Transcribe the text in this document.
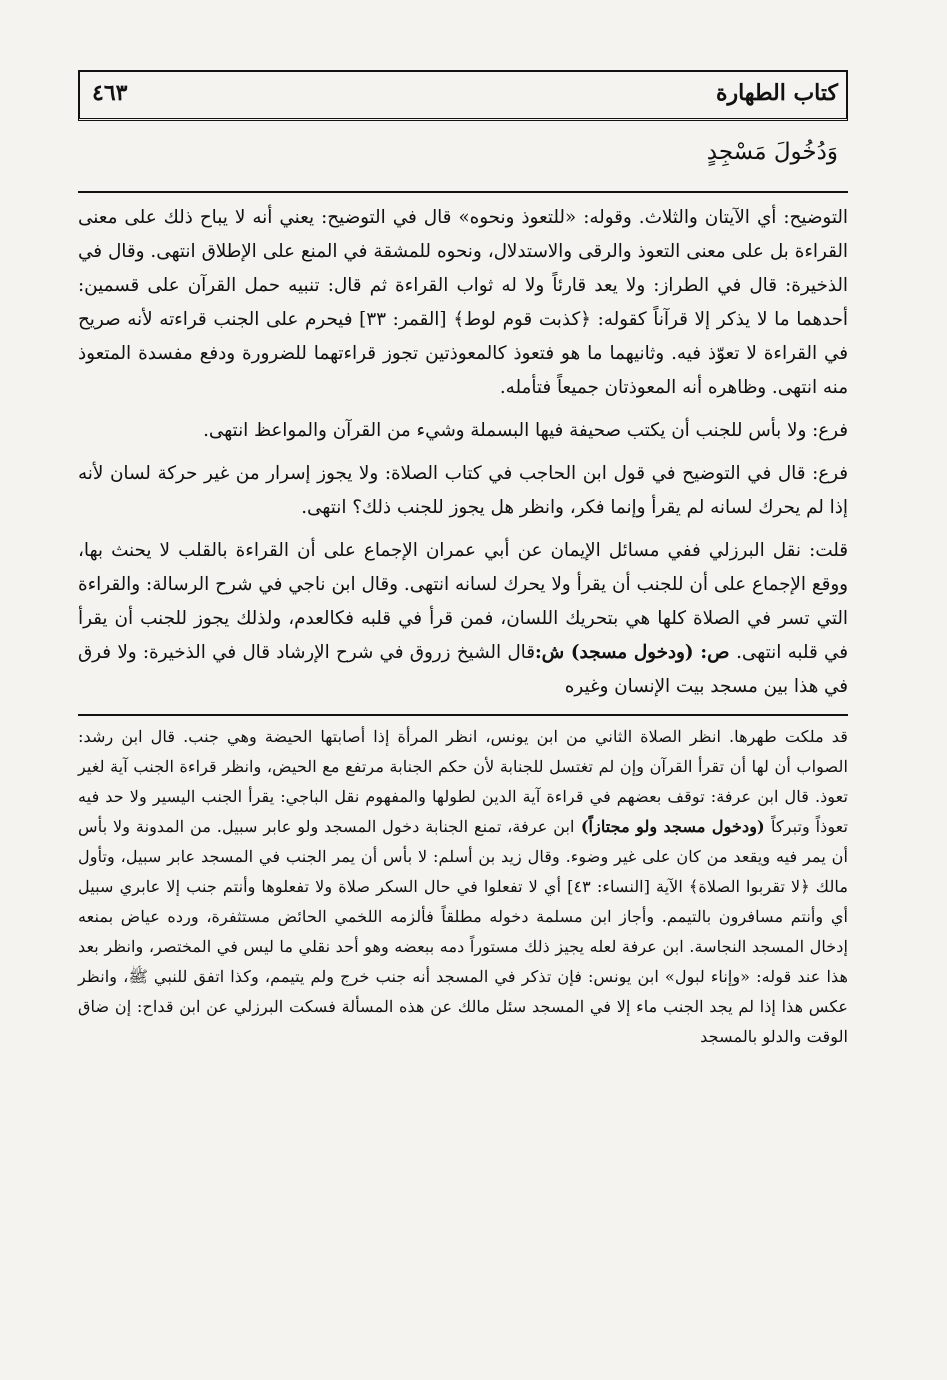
كتاب الطهارة
٤٦٣
وَدُخُولَ مَسْجِدٍ

التوضيح: أي الآيتان والثلاث. وقوله: «للتعوذ ونحوه» قال في التوضيح: يعني أنه لا يباح ذلك على معنى القراءة بل على معنى التعوذ والرقى والاستدلال، ونحوه للمشقة في المنع على الإطلاق انتهى. وقال في الذخيرة: قال في الطراز: ولا يعد قارئاً ولا له ثواب القراءة ثم قال: تنبيه حمل القرآن على قسمين: أحدهما ما لا يذكر إلا قرآناً كقوله: ﴿كذبت قوم لوط﴾ [القمر: ٣٣] فيحرم على الجنب قراءته لأنه صريح في القراءة لا تعوّذ فيه. وثانيهما ما هو فتعوذ كالمعوذتين تجوز قراءتهما للضرورة ودفع مفسدة المتعوذ منه انتهى. وظاهره أنه المعوذتان جميعاً فتأمله.

فرع: ولا بأس للجنب أن يكتب صحيفة فيها البسملة وشيء من القرآن والمواعظ انتهى.

فرع: قال في التوضيح في قول ابن الحاجب في كتاب الصلاة: ولا يجوز إسرار من غير حركة لسان لأنه إذا لم يحرك لسانه لم يقرأ وإنما فكر، وانظر هل يجوز للجنب ذلك؟ انتهى.

قلت: نقل البرزلي ففي مسائل الإيمان عن أبي عمران الإجماع على أن القراءة بالقلب لا يحنث بها، ووقع الإجماع على أن للجنب أن يقرأ ولا يحرك لسانه انتهى. وقال ابن ناجي في شرح الرسالة: والقراءة التي تسر في الصلاة كلها هي بتحريك اللسان، فمن قرأ في قلبه فكالعدم، ولذلك يجوز للجنب أن يقرأ في قلبه انتهى. ص: (ودخول مسجد) ش:قال الشيخ زروق في شرح الإرشاد قال في الذخيرة: ولا فرق في هذا بين مسجد بيت الإنسان وغيره

قد ملكت طهرها. انظر الصلاة الثاني من ابن يونس، انظر المرأة إذا أصابتها الحيضة وهي جنب. قال ابن رشد: الصواب أن لها أن تقرأ القرآن وإن لم تغتسل للجنابة لأن حكم الجنابة مرتفع مع الحيض، وانظر قراءة الجنب آية لغير تعوذ. قال ابن عرفة: توقف بعضهم في قراءة آية الدين لطولها والمفهوم نقل الباجي: يقرأ الجنب اليسير ولا حد فيه تعوذاً وتبركاً (ودخول مسجد ولو مجتازاً) ابن عرفة، تمنع الجنابة دخول المسجد ولو عابر سبيل. من المدونة ولا بأس أن يمر فيه ويقعد من كان على غير وضوء. وقال زيد بن أسلم: لا بأس أن يمر الجنب في المسجد عابر سبيل، وتأول مالك ﴿لا تقربوا الصلاة﴾ الآية [النساء: ٤٣] أي لا تفعلوا في حال السكر صلاة ولا تفعلوها وأنتم جنب إلا عابري سبيل أي وأنتم مسافرون بالتيمم. وأجاز ابن مسلمة دخوله مطلقاً فألزمه اللخمي الحائض مستثفرة، ورده عياض بمنعه إدخال المسجد النجاسة. ابن عرفة لعله يجيز ذلك مستوراً دمه ببعضه وهو أحد نقلي ما ليس في المختصر، وانظر بعد هذا عند قوله: «وإناء لبول» ابن يونس: فإن تذكر في المسجد أنه جنب خرج ولم يتيمم، وكذا اتفق للنبي ﷺ، وانظر عكس هذا إذا لم يجد الجنب ماء إلا في المسجد سئل مالك عن هذه المسألة فسكت البرزلي عن ابن قداح: إن ضاق الوقت والدلو بالمسجد
